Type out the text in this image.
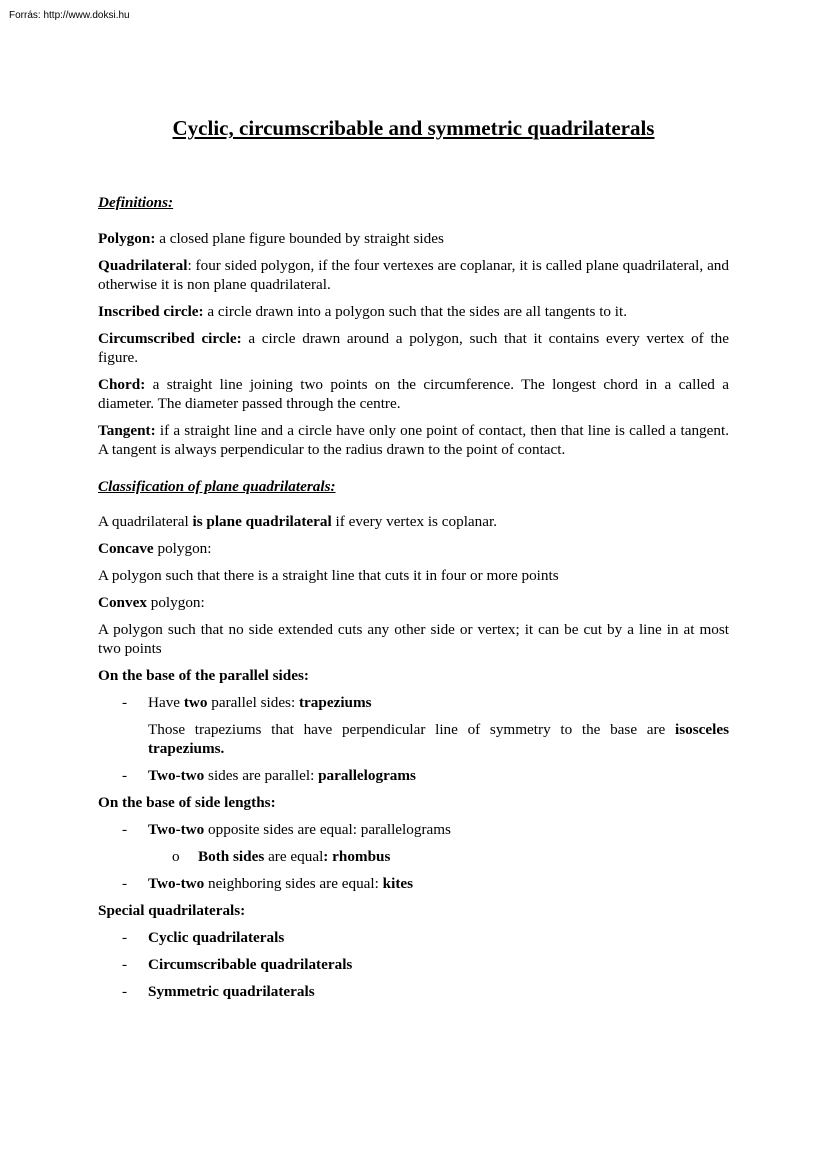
Forrás: http://www.doksi.hu
Cyclic, circumscribable and symmetric quadrilaterals

Definitions:

Polygon: a closed plane figure bounded by straight sides

Quadrilateral: four sided polygon, if the four vertexes are coplanar, it is called plane quadrilateral, and otherwise it is non plane quadrilateral.

Inscribed circle: a circle drawn into a polygon such that the sides are all tangents to it.

Circumscribed circle: a circle drawn around a polygon, such that it contains every vertex of the figure.

Chord: a straight line joining two points on the circumference. The longest chord in a called a diameter. The diameter passed through the centre.

Tangent: if a straight line and a circle have only one point of contact, then that line is called a tangent. A tangent is always perpendicular to the radius drawn to the point of contact.

Classification of plane quadrilaterals:

A quadrilateral is plane quadrilateral if every vertex is coplanar.

Concave polygon:

A polygon such that there is a straight line that cuts it in four or more points

Convex polygon:

A polygon such that no side extended cuts any other side or vertex; it can be cut by a line in at most two points

On the base of the parallel sides:

- Have two parallel sides: trapeziums

Those trapeziums that have perpendicular line of symmetry to the base are isosceles trapeziums.

- Two-two sides are parallel: parallelograms

On the base of side lengths:

- Two-two opposite sides are equal: parallelograms

o Both sides are equal: rhombus

- Two-two neighboring sides are equal: kites

Special quadrilaterals:

- Cyclic quadrilaterals

- Circumscribable quadrilaterals

- Symmetric quadrilaterals
